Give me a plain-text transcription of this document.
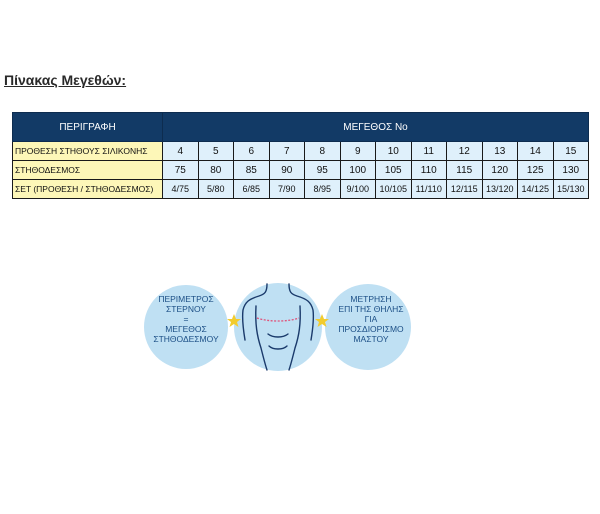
Πίνακας Μεγεθών:
ΠΕΡΙΓΡΑΦΗ	ΜΕΓΕΘΟΣ Νο											
ΠΡΟΘΕΣΗ ΣΤΗΘΟΥΣ ΣΙΛΙΚΟΝΗΣ	4	5	6	7	8	9	10	11	12	13	14	15
ΣΤΗΘΟΔΕΣΜΟΣ	75	80	85	90	95	100	105	110	115	120	125	130
ΣΕΤ (ΠΡΟΘΕΣΗ / ΣΤΗΘΟΔΕΣΜΟΣ)	4/75	5/80	6/85	7/90	8/95	9/100	10/105	11/110	12/115	13/120	14/125	15/130
ΠΕΡΙΜΕΤΡΟΣ
ΣΤΕΡΝΟΥ
=
ΜΕΓΕΘΟΣ
ΣΤΗΘΟΔΕΣΜΟΥ
ΜΕΤΡΗΣΗ
ΕΠΙ ΤΗΣ ΘΗΛΗΣ
ΓΙΑ
ΠΡΟΣΔΙΟΡΙΣΜΟ
ΜΑΣΤΟΥ
